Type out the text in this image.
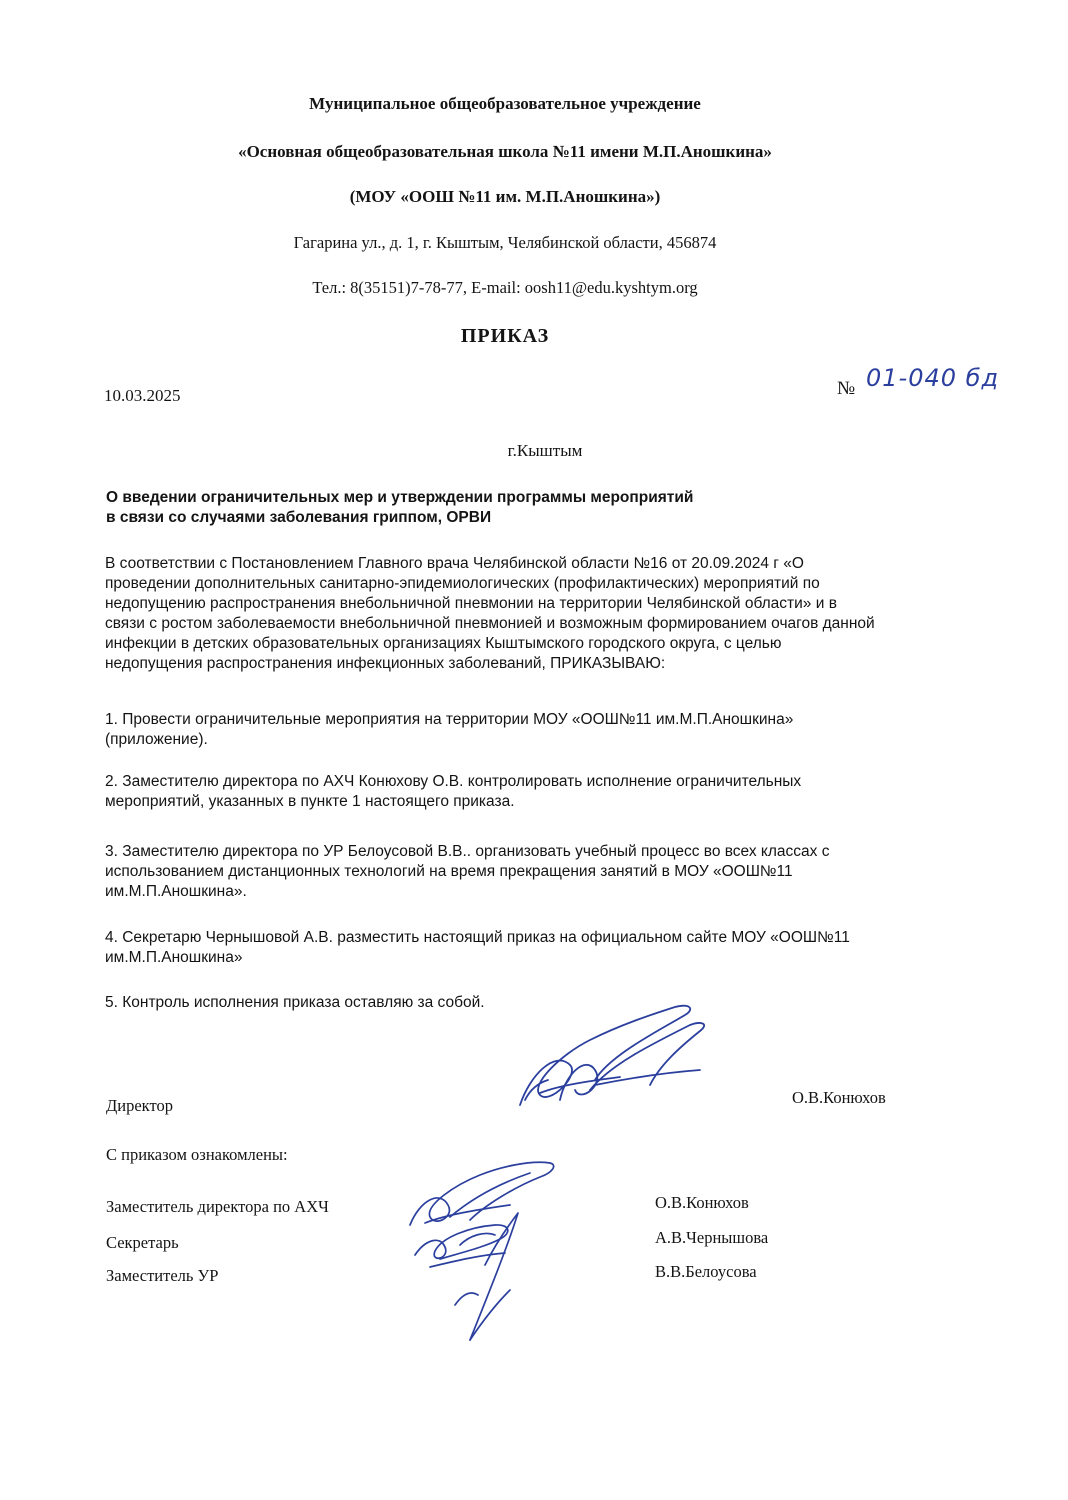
Муниципальное общеобразовательное учреждение
«Основная общеобразовательная школа №11 имени М.П.Аношкина»
(МОУ «ООШ №11 им. М.П.Аношкина»)
Гагарина ул., д. 1, г. Кыштым, Челябинской области, 456874
Тел.: 8(35151)7-78-77, E-mail: oosh11@edu.kyshtym.org
ПРИКАЗ
10.03.2025	№ 01-040 бд
г.Кыштым
О введении ограничительных мер и утверждении программы мероприятий
в связи со случаями заболевания гриппом, ОРВИ
В соответствии с Постановлением Главного врача Челябинской области №16 от 20.09.2024 г «О
проведении дополнительных санитарно-эпидемиологических (профилактических) мероприятий по
недопущению распространения внебольничной пневмонии на территории Челябинской области» и в
связи с ростом заболеваемости внебольничной пневмонией и возможным формированием очагов данной
инфекции в детских образовательных организациях Кыштымского городского округа, с целью
недопущения распространения инфекционных заболеваний, ПРИКАЗЫВАЮ:
1. Провести ограничительные мероприятия на территории МОУ «ООШ№11 им.М.П.Аношкина»
(приложение).
2. Заместителю директора по АХЧ Конюхову О.В. контролировать исполнение ограничительных
мероприятий, указанных в пункте 1 настоящего приказа.
3. Заместителю директора по УР Белоусовой В.В.. организовать учебный процесс во всех классах с
использованием дистанционных технологий на время прекращения занятий в МОУ «ООШ№11
им.М.П.Аношкина».
4. Секретарю Чернышовой А.В. разместить настоящий приказ на официальном сайте МОУ «ООШ№11
им.М.П.Аношкина»
5. Контроль исполнения приказа оставляю за собой.
Директор	О.В.Конюхов
С приказом ознакомлены:
Заместитель директора по АХЧ
Секретарь
Заместитель УР
О.В.Конюхов
А.В.Чернышова
В.В.Белоусова
